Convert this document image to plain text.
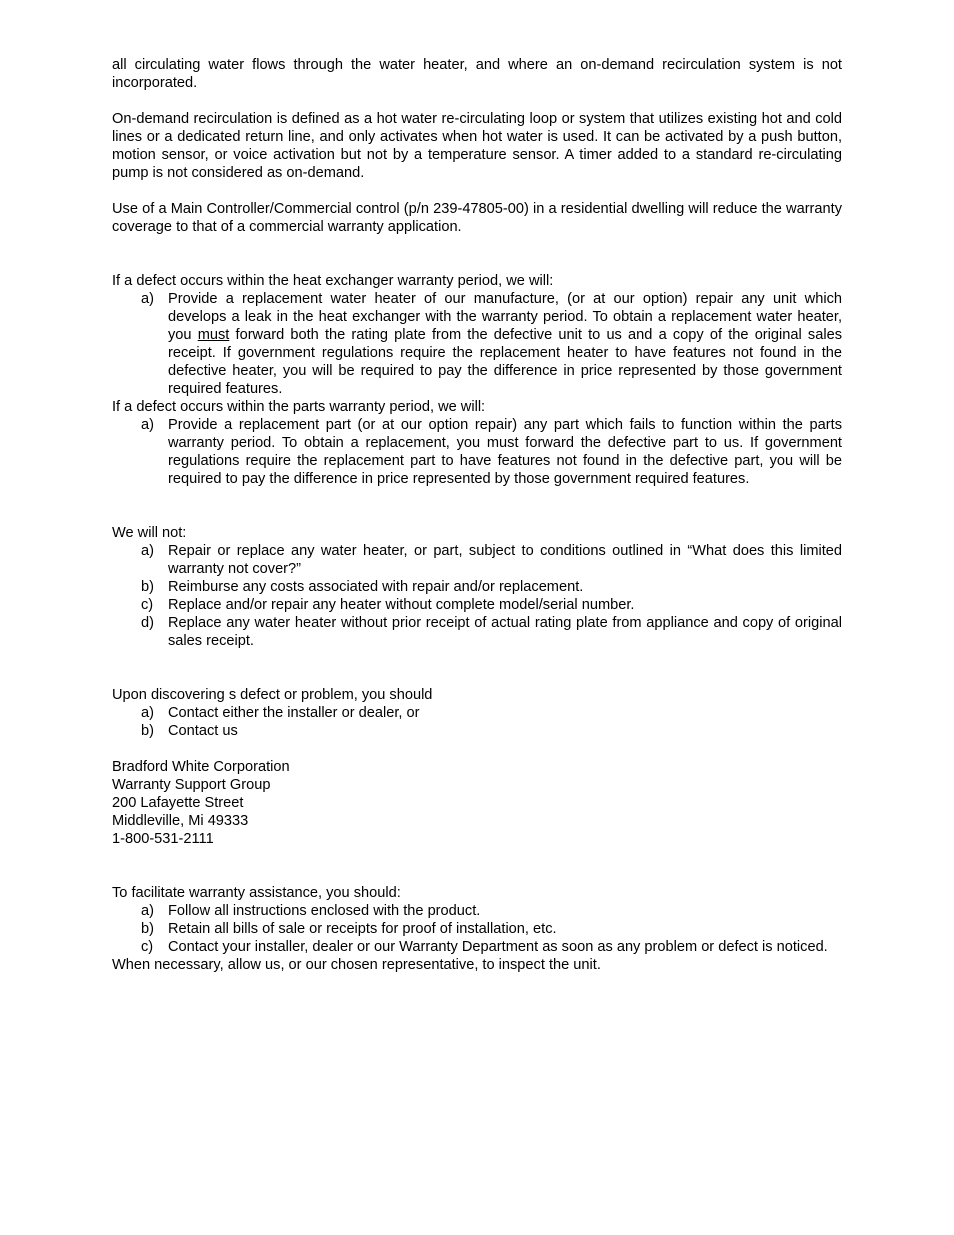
all circulating water flows through the water heater, and where an on-demand recirculation system is not incorporated.

On-demand recirculation is defined as a hot water re-circulating loop or system that utilizes existing hot and cold lines or a dedicated return line, and only activates when hot water is used. It can be activated by a push button, motion sensor, or voice activation but not by a temperature sensor. A timer added to a standard re-circulating pump is not considered as on-demand.

Use of a Main Controller/Commercial control (p/n 239-47805-00) in a residential dwelling will reduce the warranty coverage to that of a commercial warranty application.

If a defect occurs within the heat exchanger warranty period, we will:

a) Provide a replacement water heater of our manufacture, (or at our option) repair any unit which develops a leak in the heat exchanger with the warranty period. To obtain a replacement water heater, you must forward both the rating plate from the defective unit to us and a copy of the original sales receipt. If government regulations require the replacement heater to have features not found in the defective heater, you will be required to pay the difference in price represented by those government required features.

If a defect occurs within the parts warranty period, we will:

a) Provide a replacement part (or at our option repair) any part which fails to function within the parts warranty period. To obtain a replacement, you must forward the defective part to us. If government regulations require the replacement part to have features not found in the defective part, you will be required to pay the difference in price represented by those government required features.

We will not:

a) Repair or replace any water heater, or part, subject to conditions outlined in “What does this limited warranty not cover?”
b) Reimburse any costs associated with repair and/or replacement.
c) Replace and/or repair any heater without complete model/serial number.
d) Replace any water heater without prior receipt of actual rating plate from appliance and copy of original sales receipt.

Upon discovering s defect or problem, you should

a) Contact either the installer or dealer, or
b) Contact us
Bradford White Corporation
Warranty Support Group
200 Lafayette Street
Middleville, Mi 49333
1-800-531-2111

To facilitate warranty assistance, you should:

a) Follow all instructions enclosed with the product.
b) Retain all bills of sale or receipts for proof of installation, etc.
c) Contact your installer, dealer or our Warranty Department as soon as any problem or defect is noticed.

When necessary, allow us, or our chosen representative, to inspect the unit.
